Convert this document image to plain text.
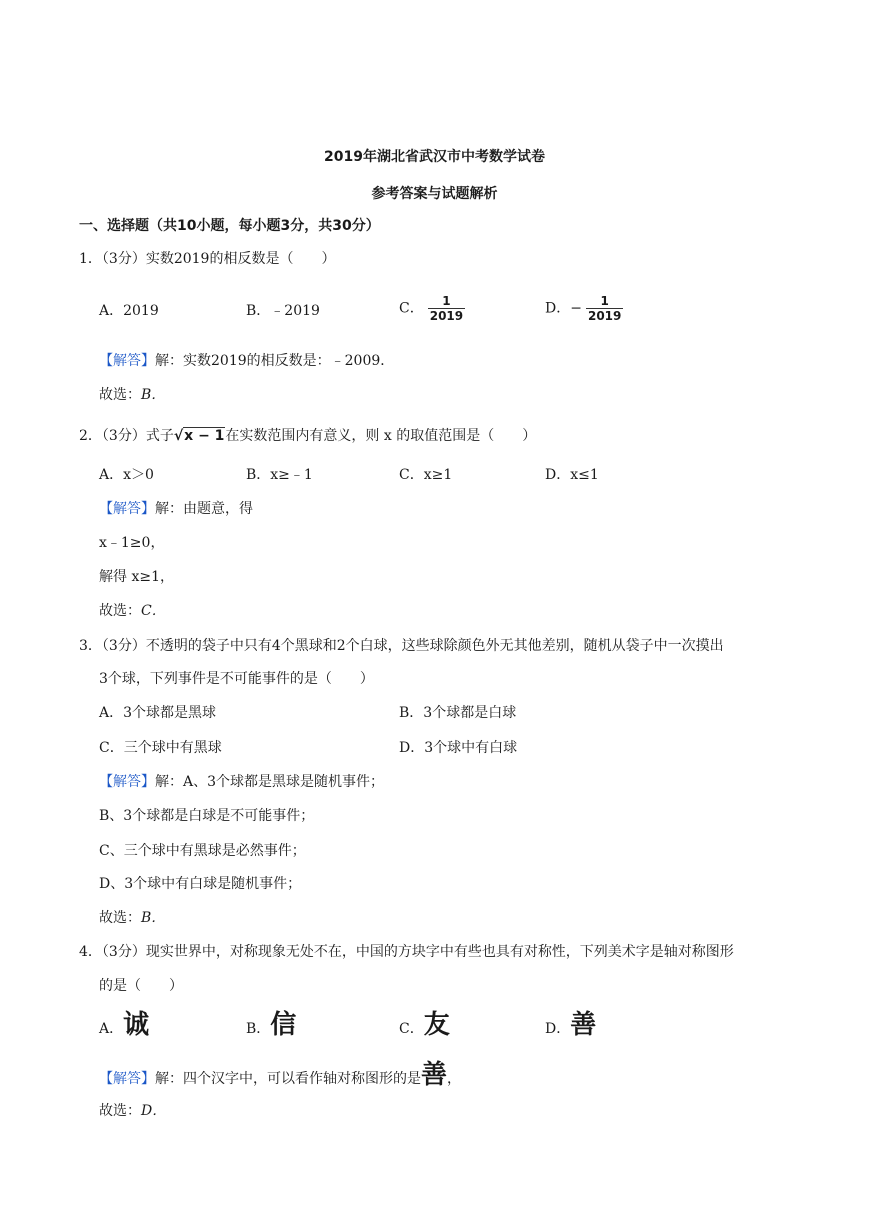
2019年湖北省武汉市中考数学试卷
参考答案与试题解析
一、选择题（共10小题，每小题3分，共30分）
1．（3分）实数2019的相反数是（　　）
A．2019	B．﹣2019	C． $\frac{1}{2019}$	D．− $\frac{1}{2019}$
【解答】解：实数2019的相反数是：﹣2009．
故选：B．
2．（3分）式子√x − 1在实数范围内有意义，则 x 的取值范围是（　　）
A．x＞0	B．x≥﹣1	C．x≥1	D．x≤1
【解答】解：由题意，得
x﹣1≥0，
解得 x≥1，
故选：C．
3．（3分）不透明的袋子中只有4个黑球和2个白球，这些球除颜色外无其他差别，随机从袋子中一次摸出
3个球，下列事件是不可能事件的是（　　）
A．3个球都是黑球	B．3个球都是白球
C．三个球中有黑球	D．3个球中有白球
【解答】解：A、3个球都是黑球是随机事件；
B、3个球都是白球是不可能事件；
C、三个球中有黑球是必然事件；
D、3个球中有白球是随机事件；
故选：B．
4．（3分）现实世界中，对称现象无处不在，中国的方块字中有些也具有对称性，下列美术字是轴对称图形
的是（　　）
A．诚	B．信	C．友	D．善
【解答】解：四个汉字中，可以看作轴对称图形的是善，
故选：D．
